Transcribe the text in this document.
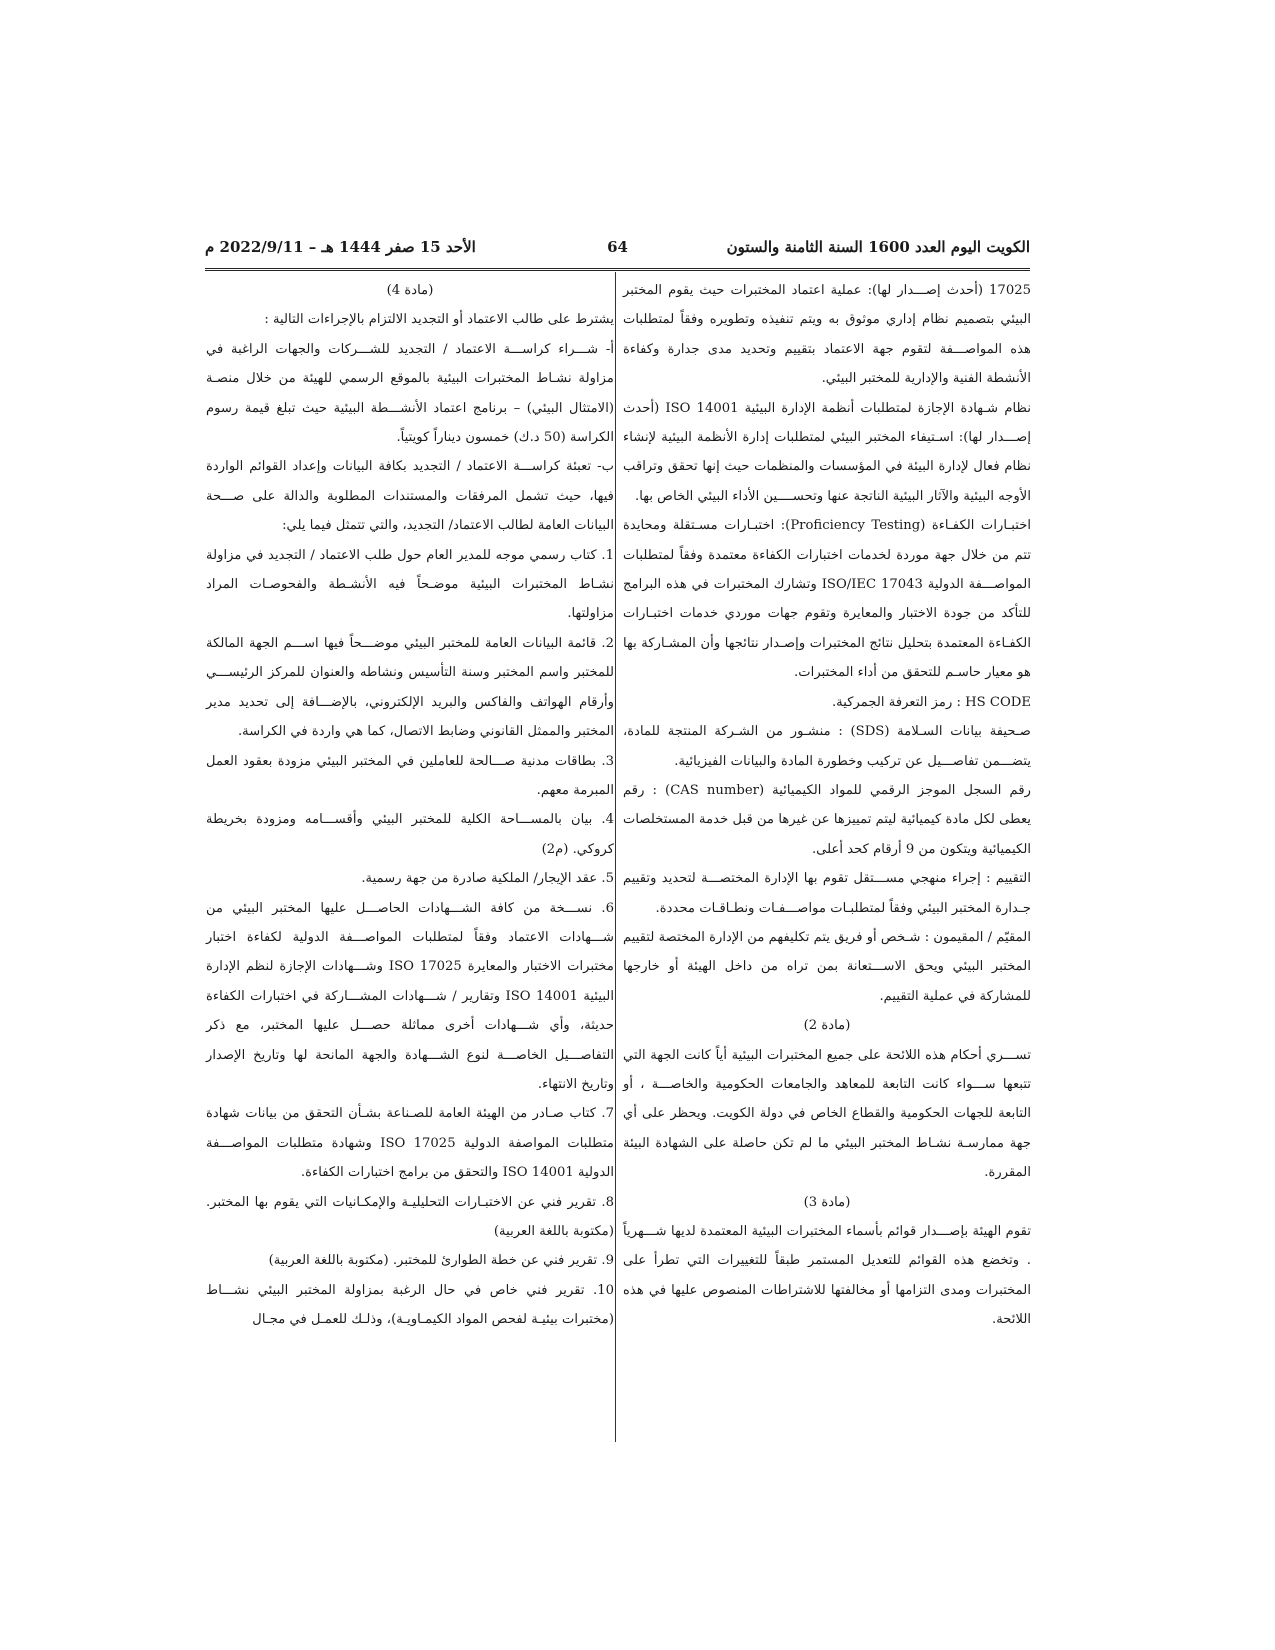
الكويت اليوم العدد 1600 السنة الثامنة والستون
64
الأحد 15 صفر 1444 هـ – 2022/9/11 م

17025 (أحدث إصـــدار لها): عملية اعتماد المختبرات حيث يقوم المختبر البيئي بتصميم نظام إداري موثوق به ويتم تنفيذه وتطويره وفقاً لمتطلبات هذه المواصـــفة لتقوم جهة الاعتماد بتقييم وتحديد مدى جدارة وكفاءة الأنشطة الفنية والإدارية للمختبر البيئي.

نظام شـهادة الإجازة لمتطلبات أنظمة الإدارة البيئية ISO 14001 (أحدث إصـــدار لها): اسـتيفاء المختبر البيئي لمتطلبات إدارة الأنظمة البيئية لإنشاء نظام فعال لإدارة البيئة في المؤسسات والمنظمات حيث إنها تحقق وتراقب الأوجه البيئية والآثار البيئية الناتجة عنها وتحســــين الأداء البيئي الخاص بها.

اختبـارات الكفـاءة (Proficiency Testing): اختبـارات مسـتقلة ومحايدة تتم من خلال جهة موردة لخدمات اختبارات الكفاءة معتمدة وفقاً لمتطلبات المواصـــفة الدولية ISO/IEC 17043 وتشارك المختبرات في هذه البرامج للتأكد من جودة الاختبار والمعايرة وتقوم جهات موردي خدمات اختبـارات الكفـاءة المعتمدة بتحليل نتائج المختبرات وإصـدار نتائجها وأن المشـاركة بها هو معيار حاسـم للتحقق من أداء المختبرات.

HS CODE : رمز التعرفة الجمركية.

صـحيفة بيانات السـلامة (SDS) : منشـور من الشـركة المنتجة للمادة، يتضـــمن تفاصـــيل عن تركيب وخطورة المادة والبيانات الفيزيائية.

رقم السجل الموجز الرقمي للمواد الكيميائية (CAS number) : رقم يعطى لكل مادة كيميائية ليتم تمييزها عن غيرها من قبل خدمة المستخلصات الكيميائية ويتكون من 9 أرقام كحد أعلى.

التقييم : إجراء منهجي مســـتقل تقوم بها الإدارة المختصـــة لتحديد وتقييم جـدارة المختبر البيئي وفقاً لمتطلبـات مواصـــفـات ونطـاقـات محددة.

المقيّم / المقيمون : شـخص أو فريق يتم تكليفهم من الإدارة المختصة لتقييم المختبر البيئي ويحق الاســـتعانة بمن تراه من داخل الهيئة أو خارجها للمشاركة في عملية التقييم.

(مادة 2)

تســـري أحكام هذه اللائحة على جميع المختبرات البيئية أياً كانت الجهة التي تتبعها ســـواء كانت التابعة للمعاهد والجامعات الحكومية والخاصـــة ، أو التابعة للجهات الحكومية والقطاع الخاص في دولة الكويت. ويحظر على أي جهة ممارسـة نشـاط المختبر البيئي ما لم تكن حاصلة على الشهادة البيئة المقررة.

(مادة 3)

تقوم الهيئة بإصـــدار قوائم بأسماء المختبرات البيئية المعتمدة لديها شـــهرياً . وتخضع هذه القوائم للتعديل المستمر طبقاً للتغييرات التي تطرأ على المختبرات ومدى التزامها أو مخالفتها للاشتراطات المنصوص عليها في هذه اللائحة.

(مادة 4)

يشترط على طالب الاعتماد أو التجديد الالتزام بالإجراءات التالية :

أ- شـــراء كراســـة الاعتماد / التجديد للشـــركات والجهات الراغبة في مزاولة نشـاط المختبرات البيئية بالموقع الرسمي للهيئة من خلال منصـة (الامتثال البيئي) – برنامج اعتماد الأنشـــطة البيئية حيث تبلغ قيمة رسوم الكراسة (50 د.ك) خمسون ديناراً كويتياً.

ب- تعبئة كراســـة الاعتماد / التجديد بكافة البيانات وإعداد القوائم الواردة فيها، حيث تشمل المرفقات والمستندات المطلوبة والدالة على صـــحة البيانات العامة لطالب الاعتماد/ التجديد، والتي تتمثل فيما يلي:

1. كتاب رسمي موجه للمدير العام حول طلب الاعتماد / التجديد في مزاولة نشـاط المختبرات البيئية موضـحاً فيه الأنشـطة والفحوصـات المراد مزاولتها.

2. قائمة البيانات العامة للمختبر البيئي موضـــحاً فيها اســـم الجهة المالكة للمختبر واسم المختبر وسنة التأسيس ونشاطه والعنوان للمركز الرئيســـي وأرقام الهواتف والفاكس والبريد الإلكتروني، بالإضـــافة إلى تحديد مدير المختبر والممثل القانوني وضابط الاتصال، كما هي واردة في الكراسة.

3. بطاقات مدنية صـــالحة للعاملين في المختبر البيئي مزودة بعقود العمل المبرمة معهم.

4. بيان بالمســـاحة الكلية للمختبر البيئي وأقســـامه ومزودة بخريطة كروكي. (م2)

5. عقد الإيجار/ الملكية صادرة من جهة رسمية.

6. نســـخة من كافة الشـــهادات الحاصـــل عليها المختبر البيئي من شـــهادات الاعتماد وفقاً لمتطلبات المواصـــفة الدولية لكفاءة اختبار مختبرات الاختبار والمعايرة ISO 17025 وشـــهادات الإجازة لنظم الإدارة البيئية ISO 14001 وتقارير / شـــهادات المشـــاركة في اختبارات الكفاءة حديثة، وأي شـــهادات أخرى مماثلة حصـــل عليها المختبر، مع ذكر التفاصـــيل الخاصـــة لنوع الشـــهادة والجهة المانحة لها وتاريخ الإصدار وتاريخ الانتهاء.

7. كتاب صـادر من الهيئة العامة للصـناعة بشـأن التحقق من بيانات شهادة متطلبات المواصفة الدولية ISO 17025 وشهادة متطلبات المواصـــفة الدولية ISO 14001 والتحقق من برامج اختبارات الكفاءة.

8. تقرير فني عن الاختبـارات التحليليـة والإمكـانيات التي يقوم بها المختبر. (مكتوبة باللغة العربية)

9. تقرير فني عن خطة الطوارئ للمختبر. (مكتوبة باللغة العربية)

10. تقرير فني خاص في حال الرغبة بمزاولة المختبر البيئي نشـــاط (مختبرات بيئيـة لفحص المواد الكيمـاويـة)، وذلـك للعمـل في مجـال
